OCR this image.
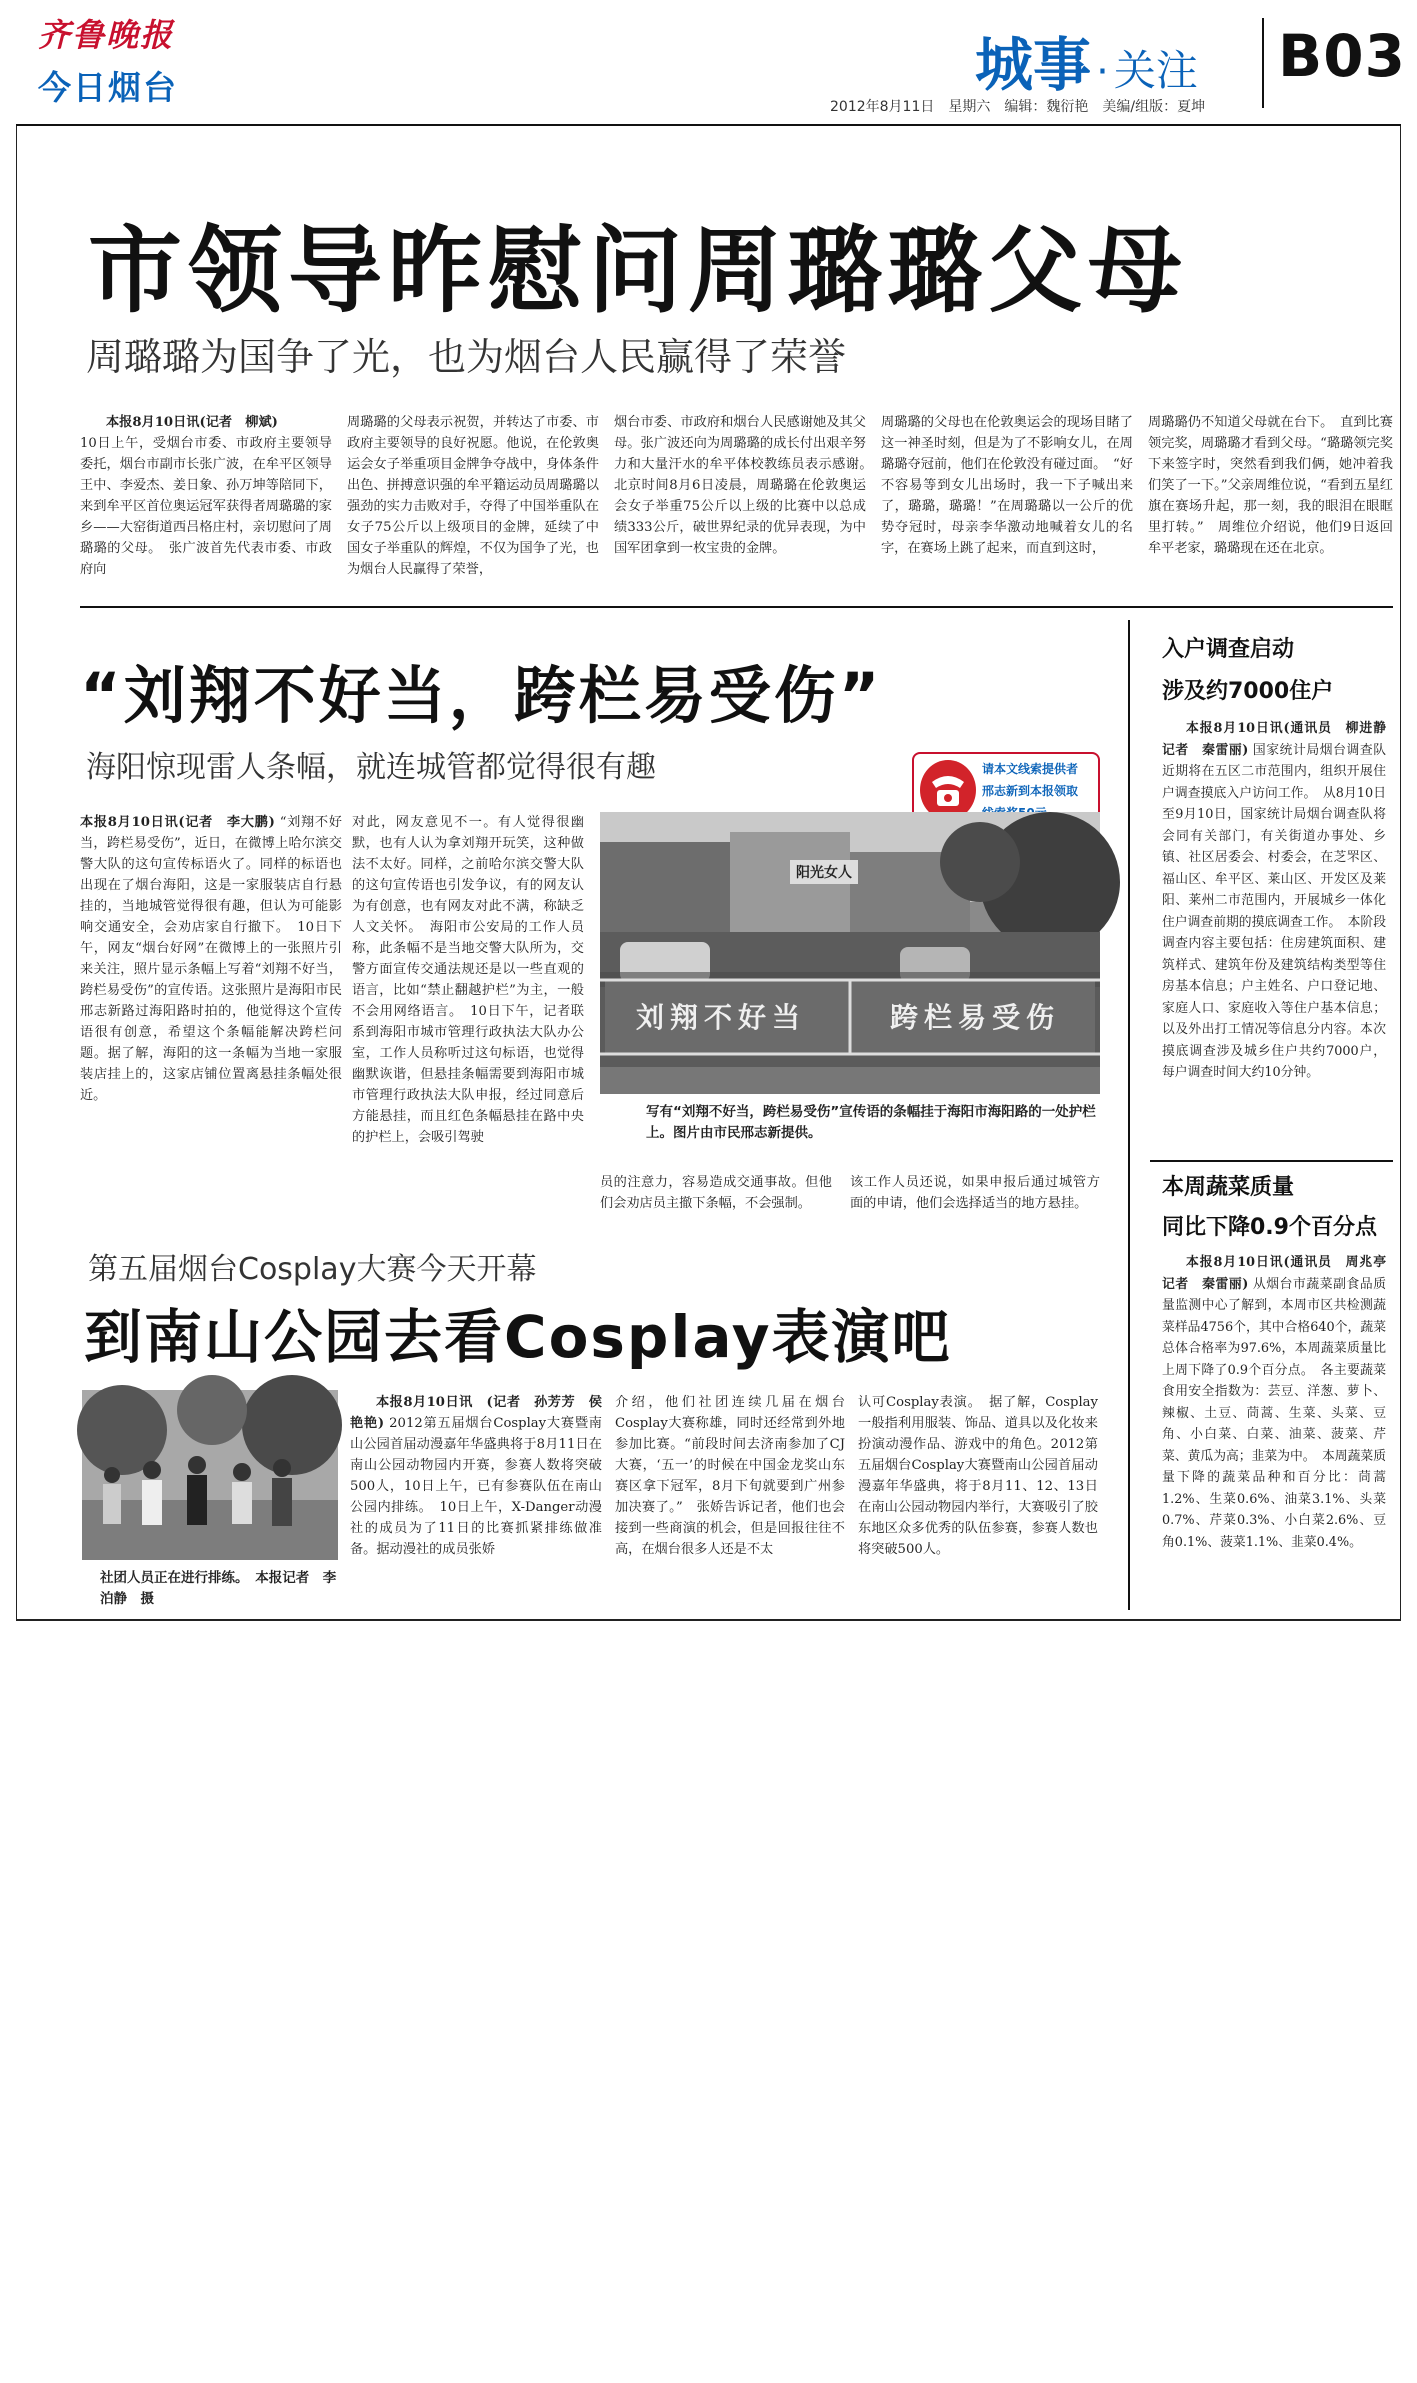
齐鲁晚报
今日烟台	城事 · 关注 B03
2012年8月11日　星期六　编辑：魏衍艳　美编/组版：夏坤
市领导昨慰问周璐璐父母
周璐璐为国争了光，也为烟台人民赢得了荣誉
本报8月10日讯(记者　柳斌)
10日上午，受烟台市委、市政府主要领导委托，烟台市副市长张广波，在牟平区领导王中、李爱杰、姜日象、孙万坤等陪同下，来到牟平区首位奥运冠军获得者周璐璐的家乡——大窑街道西吕格庄村，亲切慰问了周璐璐的父母。　张广波首先代表市委、市政府向
周璐璐的父母表示祝贺，并转达了市委、市政府主要领导的良好祝愿。他说，在伦敦奥运会女子举重项目金牌争夺战中，身体条件出色、拼搏意识强的牟平籍运动员周璐璐以强劲的实力击败对手，夺得了中国举重队在女子75公斤以上级项目的金牌，延续了中国女子举重队的辉煌，不仅为国争了光，也为烟台人民赢得了荣誉，
烟台市委、市政府和烟台人民感谢她及其父母。张广波还向为周璐璐的成长付出艰辛努力和大量汗水的牟平体校教练员表示感谢。　北京时间8月6日凌晨，周璐璐在伦敦奥运会女子举重75公斤以上级的比赛中以总成绩333公斤，破世界纪录的优异表现，为中国军团拿到一枚宝贵的金牌。
周璐璐的父母也在伦敦奥运会的现场目睹了这一神圣时刻，但是为了不影响女儿，在周璐璐夺冠前，他们在伦敦没有碰过面。　“好不容易等到女儿出场时，我一下子喊出来了，璐璐，璐璐！”在周璐璐以一公斤的优势夺冠时，母亲李华激动地喊着女儿的名字，在赛场上跳了起来，而直到这时，
周璐璐仍不知道父母就在台下。　直到比赛领完奖，周璐璐才看到父母。“璐璐领完奖下来签字时，突然看到我们俩，她冲着我们笑了一下。”父亲周维位说，“看到五星红旗在赛场升起，那一刻，我的眼泪在眼眶里打转。”　周维位介绍说，他们9日返回牟平老家，璐璐现在还在北京。
“刘翔不好当，跨栏易受伤”
海阳惊现雷人条幅，就连城管都觉得很有趣	请本文线索提供者
邢志新到本报领取
本报8月10日讯(记者　李大鹏) “刘翔不好当，跨栏易受伤”，近日，在微博上哈尔滨交警大队的这句宣传标语火了。同样的标语也出现在了烟台海阳，这是一家服装店自行悬挂的，当地城管觉得很有趣，但认为可能影响交通安全，会劝店家自行撤下。　10日下午，网友“烟台好网”在微博上的一张照片引来关注，照片显示条幅上写着“刘翔不好当，跨栏易受伤”的宣传语。这张照片是海阳市民邢志新路过海阳路时拍的，他觉得这个宣传语很有创意，希望这个条幅能解决跨栏问题。据了解，海阳的这一条幅为当地一家服装店挂上的，这家店铺位置离悬挂条幅处很近。
对此，网友意见不一。有人觉得很幽默，也有人认为拿刘翔开玩笑，这种做法不太好。同样，之前哈尔滨交警大队的这句宣传语也引发争议，有的网友认为有创意，也有网友对此不满，称缺乏人文关怀。　海阳市公安局的工作人员称，此条幅不是当地交警大队所为，交警方面宣传交通法规还是以一些直观的语言，比如“禁止翻越护栏”为主，一般不会用网络语言。　10日下午，记者联系到海阳市城市管理行政执法大队办公室，工作人员称听过这句标语，也觉得幽默诙谐，但悬挂条幅需要到海阳市城市管理行政执法大队申报，经过同意后方能悬挂，而且红色条幅悬挂在路中央的护栏上，会吸引驾驶
阳光女人
刘翔不好当	跨栏易受伤
写有“刘翔不好当，跨栏易受伤”宣传语的条幅挂于海阳市海阳路的一处护栏上。图片由市民邢志新提供。
员的注意力，容易造成交通事故。但他们会劝店员主撤下条幅，不会强制。
该工作人员还说，如果申报后通过城管方面的申请，他们会选择适当的地方悬挂。
第五届烟台Cosplay大赛今天开幕
到南山公园去看Cosplay表演吧
社团人员正在进行排练。　本报记者　李泊静　摄
本报8月10日讯　(记者　孙芳芳　侯艳艳) 2012第五届烟台Cosplay大赛暨南山公园首届动漫嘉年华盛典将于8月11日在南山公园动物园内开赛，参赛人数将突破500人，10日上午，已有参赛队伍在南山公园内排练。　10日上午，X-Danger动漫社的成员为了11日的比赛抓紧排练做准备。据动漫社的成员张娇
介绍，他们社团连续几届在烟台Cosplay大赛称雄，同时还经常到外地参加比赛。“前段时间去济南参加了CJ大赛，‘五一’的时候在中国金龙奖山东赛区拿下冠军，8月下旬就要到广州参加决赛了。”　张娇告诉记者，他们也会接到一些商演的机会，但是回报往往不高，在烟台很多人还是不太
认可Cosplay表演。　据了解，Cosplay一般指利用服装、饰品、道具以及化妆来扮演动漫作品、游戏中的角色。2012第五届烟台Cosplay大赛暨南山公园首届动漫嘉年华盛典，将于8月11、12、13日在南山公园动物园内举行，大赛吸引了胶东地区众多优秀的队伍参赛，参赛人数也将突破500人。
入户调查启动
涉及约7000住户
本报8月10日讯(通讯员　柳进静　记者　秦雷丽) 国家统计局烟台调查队近期将在五区二市范围内，组织开展住户调查摸底入户访问工作。　从8月10日至9月10日，国家统计局烟台调查队将会同有关部门，有关街道办事处、乡镇、社区居委会、村委会，在芝罘区、福山区、牟平区、莱山区、开发区及莱阳、莱州二市范围内，开展城乡一体化住户调查前期的摸底调查工作。　本阶段调查内容主要包括：住房建筑面积、建筑样式、建筑年份及建筑结构类型等住房基本信息；户主姓名、户口登记地、家庭人口、家庭收入等住户基本信息；以及外出打工情况等信息分内容。本次摸底调查涉及城乡住户共约7000户，每户调查时间大约10分钟。
本周蔬菜质量
同比下降0.9个百分点
本报8月10日讯(通讯员　周兆亭　记者　秦雷丽) 从烟台市蔬菜副食品质量监测中心了解到，本周市区共检测蔬菜样品4756个，其中合格640个，蔬菜总体合格率为97.6%，本周蔬菜质量比上周下降了0.9个百分点。　各主要蔬菜食用安全指数为：芸豆、洋葱、萝卜、辣椒、土豆、茼蒿、生菜、头菜、豆角、小白菜、白菜、油菜、菠菜、芹菜、黄瓜为高；韭菜为中。　本周蔬菜质量下降的蔬菜品种和百分比：茼蒿1.2%、生菜0.6%、油菜3.1%、头菜0.7%、芹菜0.3%、小白菜2.6%、豆角0.1%、菠菜1.1%、韭菜0.4%。
